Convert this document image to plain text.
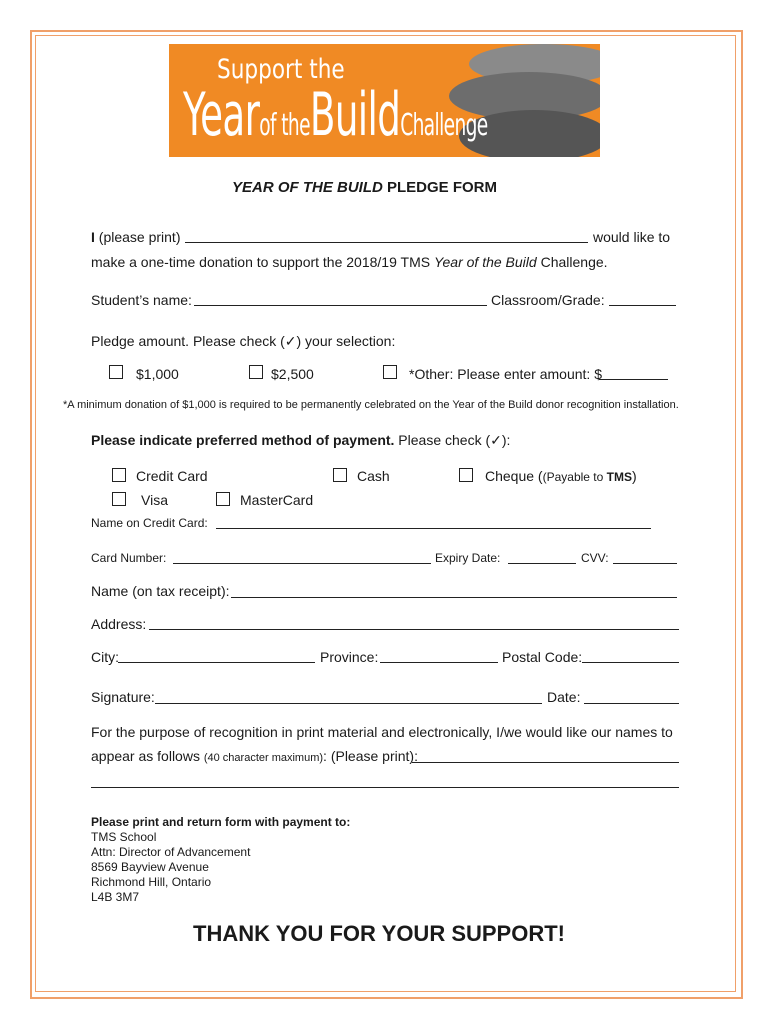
Support the
Yearof theBuildChallenge
YEAR OF THE BUILD PLEDGE FORM
I (please print)	would like to
make a one-time donation to support the 2018/19 TMS Year of the Build Challenge.
Student’s name:	Classroom/Grade:
Pledge amount. Please check (✓) your selection:
$1,000	$2,500	*Other: Please enter amount: $
*A minimum donation of $1,000 is required to be permanently celebrated on the Year of the Build donor recognition installation.
Please indicate preferred method of payment. Please check (✓):
Credit Card	Cash	Cheque ((Payable to TMS)
Visa	MasterCard
Name on Credit Card:
Card Number:	Expiry Date:	CVV:
Name (on tax receipt):
Address:
City:	Province:	Postal Code:
Signature:	Date:
For the purpose of recognition in print material and electronically, I/we would like our names to
appear as follows (40 character maximum): (Please print):
Please print and return form with payment to:
TMS School
Attn: Director of Advancement
8569 Bayview Avenue
Richmond Hill, Ontario
L4B 3M7
THANK YOU FOR YOUR SUPPORT!
